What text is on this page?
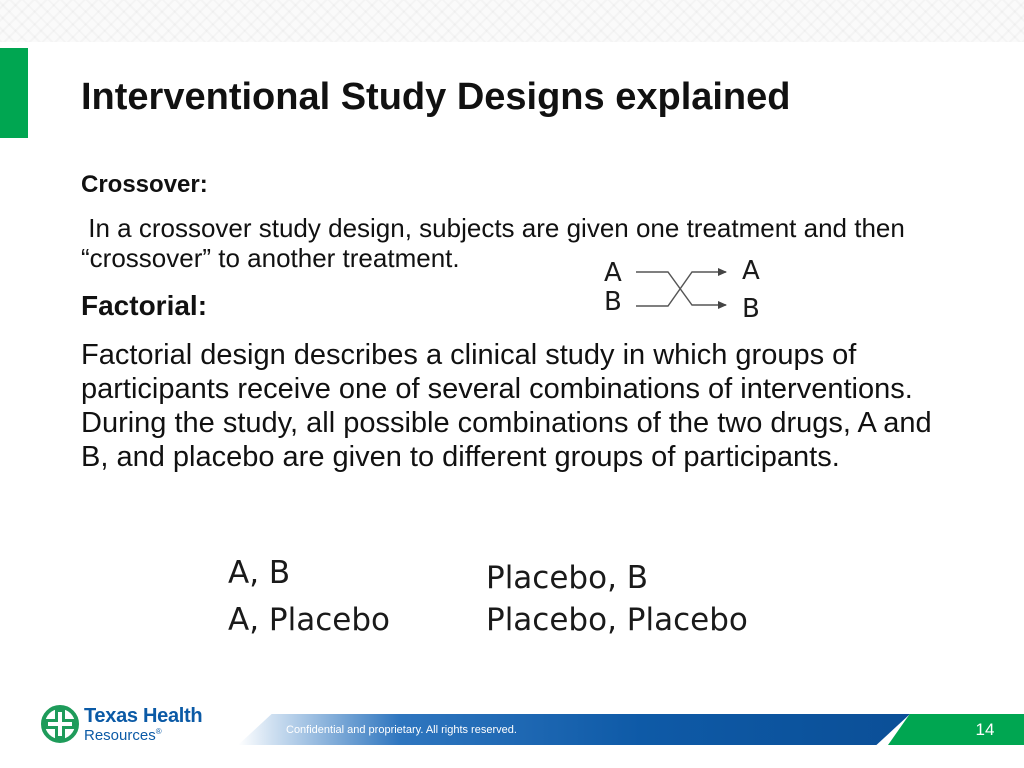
Interventional Study Designs explained
Crossover:
In a crossover study design, subjects are given one treatment and then “crossover” to another treatment.
Factorial:
Factorial design describes a clinical study in which groups of participants receive one of several combinations of interventions. During the study, all possible combinations of the two drugs, A and B, and placebo are given to different groups of participants.
A
B
A
B
A, B
A, Placebo
Placebo, B
Placebo, Placebo
Texas Health
Resources®	Confidential and proprietary. All rights reserved.	14
